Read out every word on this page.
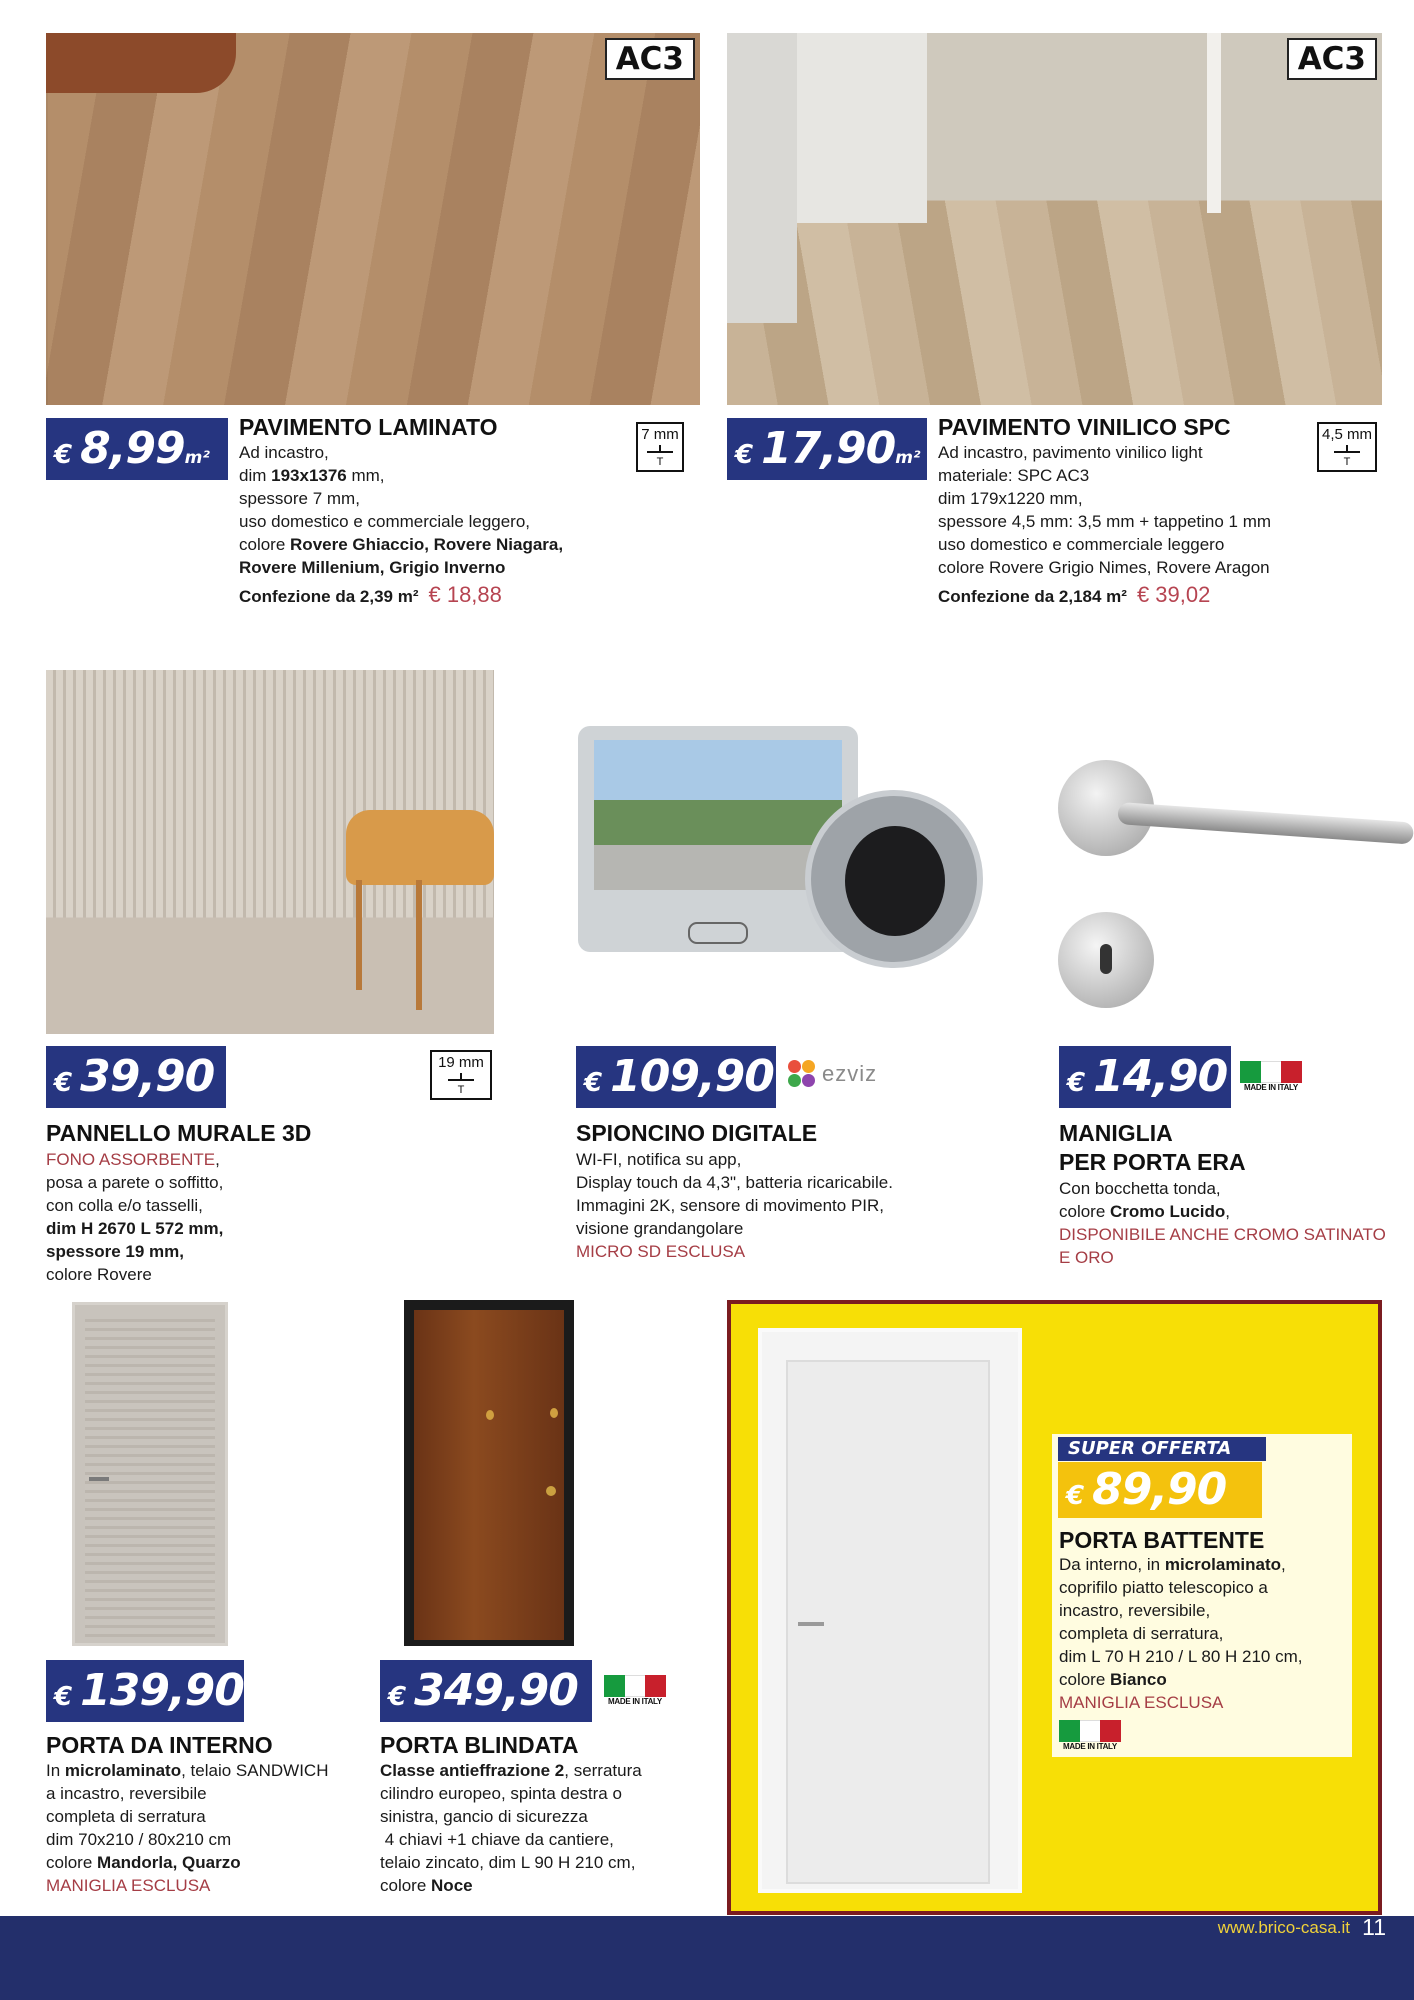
AC3	AC3
€ 8,99m²
PAVIMENTO LAMINATO
Ad incastro,
dim 193x1376 mm,
spessore 7 mm,
uso domestico e commerciale leggero,
colore Rovere Ghiaccio, Rovere Niagara,
Rovere Millenium, Grigio Inverno
Confezione da 2,39 m² € 18,88
7 mm
T	€ 17,90m²
PAVIMENTO VINILICO SPC
Ad incastro, pavimento vinilico light
materiale: SPC AC3
dim 179x1220 mm,
spessore 4,5 mm: 3,5 mm + tappetino 1 mm
uso domestico e commerciale leggero
colore Rovere Grigio Nimes, Rovere Aragon
Confezione da 2,184 m² € 39,02
4,5 mm
T
€ 39,90	19 mm
T
PANNELLO MURALE 3D
FONO ASSORBENTE,
posa a parete o soffitto,
con colla e/o tasselli,
dim H 2670 L 572 mm,
spessore 19 mm,
colore Rovere
€ 109,90 ezviz
SPIONCINO DIGITALE
WI-FI, notifica su app,
Display touch da 4,3", batteria ricaricabile.
Immagini 2K, sensore di movimento PIR,
visione grandangolare
MICRO SD ESCLUSA
€ 14,90	MADE IN ITALY
MANIGLIA
PER PORTA ERA
Con bocchetta tonda,
colore Cromo Lucido,
DISPONIBILE ANCHE CROMO SATINATO
E ORO
SUPER OFFERTA
€ 89,90
PORTA BATTENTE
Da interno, in microlaminato,
coprifilo piatto telescopico a
incastro, reversibile,
completa di serratura,
dim L 70 H 210 / L 80 H 210 cm,
colore Bianco
MANIGLIA ESCLUSA
MADE IN ITALY
€ 139,90
PORTA DA INTERNO
In microlaminato, telaio SANDWICH
a incastro, reversibile
completa di serratura
dim 70x210 / 80x210 cm
colore Mandorla, Quarzo
MANIGLIA ESCLUSA
€ 349,90	MADE IN ITALY
PORTA BLINDATA
Classe antieffrazione 2, serratura
cilindro europeo, spinta destra o
sinistra, gancio di sicurezza
4 chiavi +1 chiave da cantiere,
telaio zincato, dim L 90 H 210 cm,
colore Noce
www.brico-casa.it 11
